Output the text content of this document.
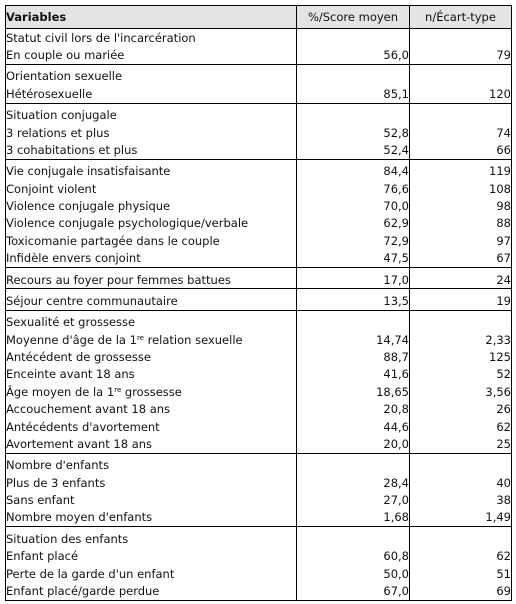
Variables	%/Score moyen	n/Écart-type
Statut civil lors de l'incarcération		
En couple ou mariée	56,0	79

Orientation sexuelle		
Hétérosexuelle	85,1	120

Situation conjugale		
3 relations et plus	52,8	74
3 cohabitations et plus	52,4	66

Vie conjugale insatisfaisante	84,4	119
Conjoint violent	76,6	108
Violence conjugale physique	70,0	98
Violence conjugale psychologique/verbale	62,9	88
Toxicomanie partagée dans le couple	72,9	97
Infidèle envers conjoint	47,5	67

Recours au foyer pour femmes battues	17,0	24

Séjour centre communautaire	13,5	19

Sexualité et grossesse		
Moyenne d'âge de la 1re relation sexuelle	14,74	2,33
Antécédent de grossesse	88,7	125
Enceinte avant 18 ans	41,6	52
Âge moyen de la 1re grossesse	18,65	3,56
Accouchement avant 18 ans	20,8	26
Antécédents d'avortement	44,6	62
Avortement avant 18 ans	20,0	25

Nombre d'enfants		
Plus de 3 enfants	28,4	40
Sans enfant	27,0	38
Nombre moyen d'enfants	1,68	1,49

Situation des enfants		
Enfant placé	60,8	62
Perte de la garde d'un enfant	50,0	51
Enfant placé/garde perdue	67,0	69
